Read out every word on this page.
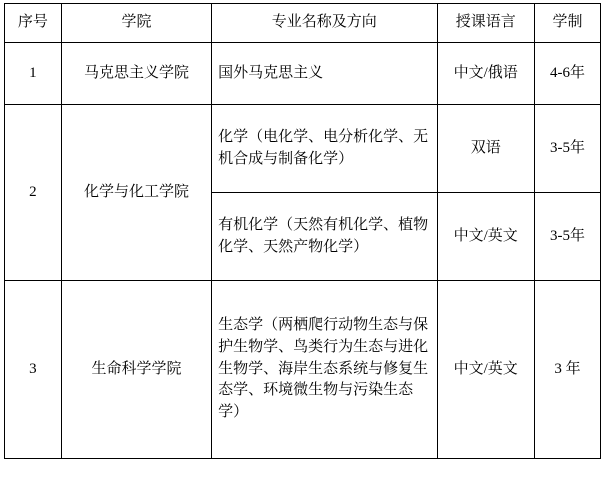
序号	学院	专业名称及方向	授课语言	学制
1	马克思主义学院	国外马克思主义	中文/俄语	4-6年
2	化学与化工学院	化学（电化学、电分析化学、无机合成与制备化学）	双语	3-5年
		有机化学（天然有机化学、植物化学、天然产物化学）	中文/英文	3-5年
3	生命科学学院	生态学（两栖爬行动物生态与保护生物学、鸟类行为生态与进化生物学、海岸生态系统与修复生态学、环境微生物与污染生态学）	中文/英文	3 年
